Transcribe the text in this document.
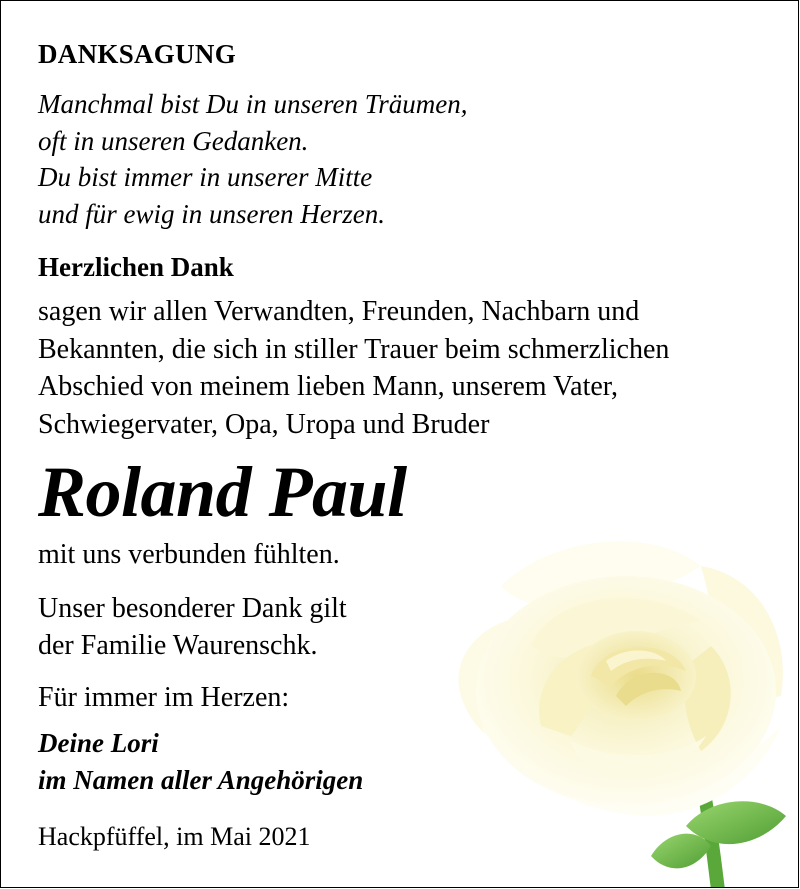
DANKSAGUNG
Manchmal bist Du in unseren Träumen,
oft in unseren Gedanken.
Du bist immer in unserer Mitte
und für ewig in unseren Herzen.
Herzlichen Dank
sagen wir allen Verwandten, Freunden, Nachbarn und
Bekannten, die sich in stiller Trauer beim schmerzlichen
Abschied von meinem lieben Mann, unserem Vater,
Schwiegervater, Opa, Uropa und Bruder
Roland Paul

mit uns verbunden fühlten.

Unser besonderer Dank gilt
der Familie Waurenschk.

Für immer im Herzen:

Deine Lori
im Namen aller Angehörigen

Hackpfüffel, im Mai 2021
